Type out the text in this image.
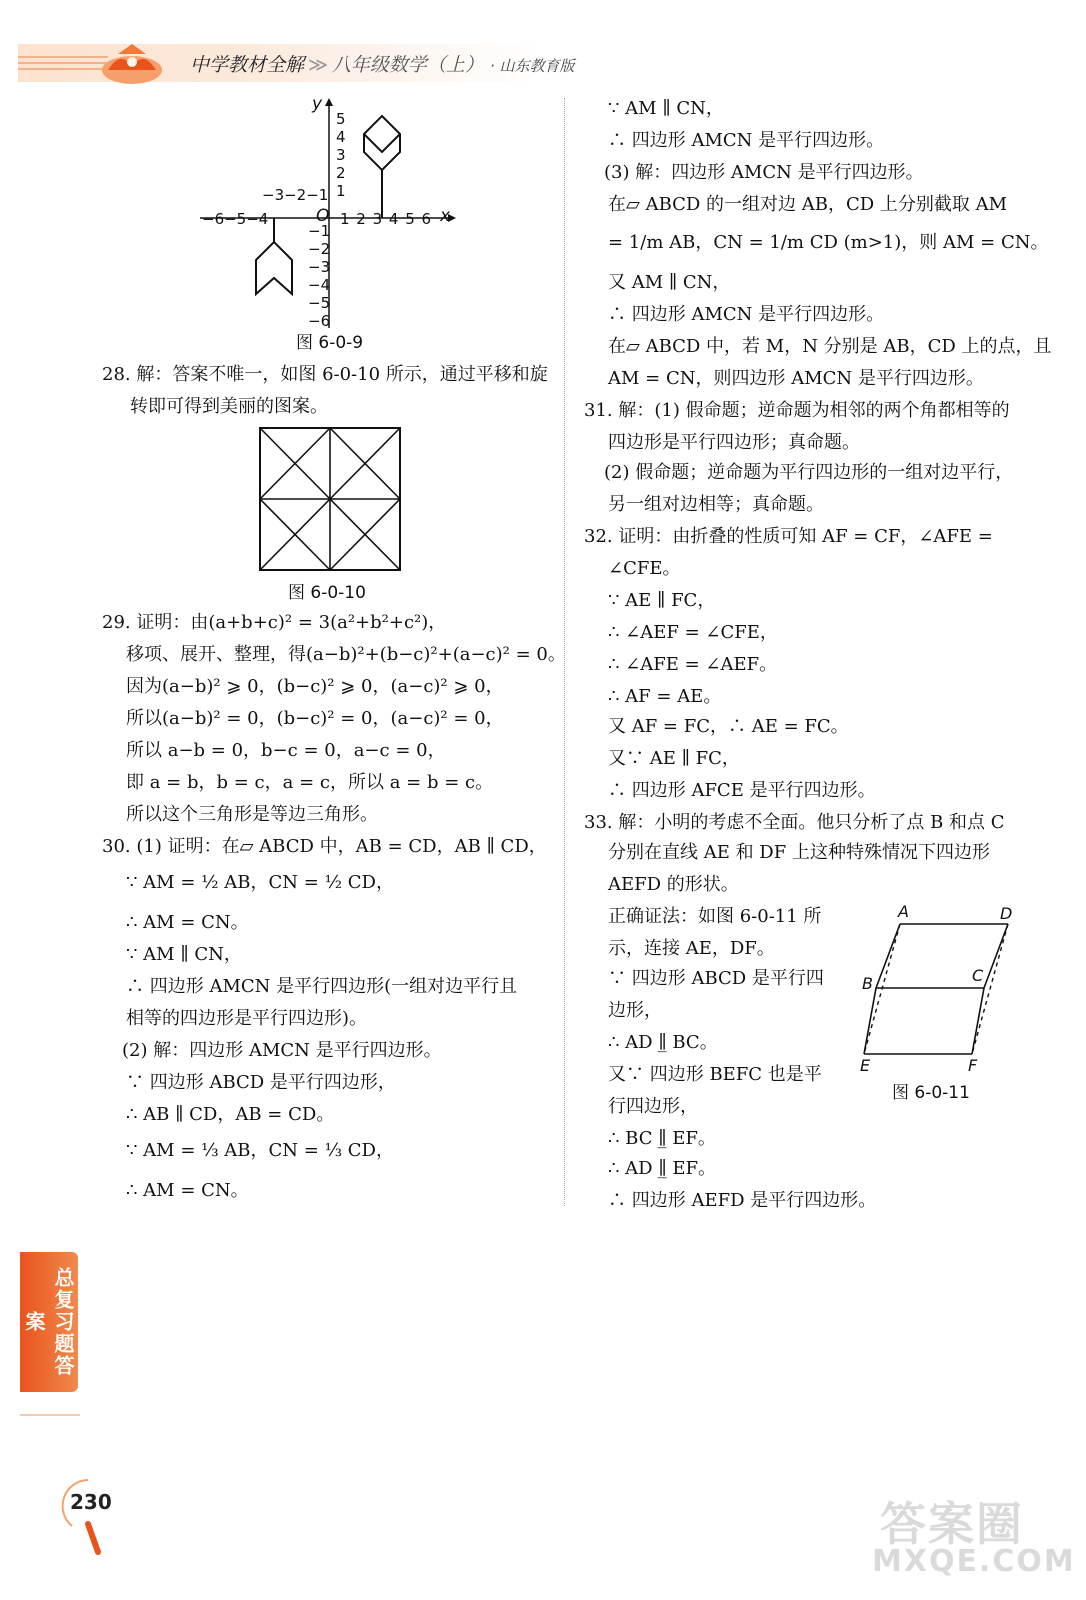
中学教材全解 ≫ 八年级数学（上） · 山东教育版
y
x
O 1 2 3 4 5 6
−6−5−4
−3−2−1
5
4
3
2
1
−1
−2
−3
−4
−5
−6
图 6-0-9
28. 解：答案不唯一，如图 6-0-10 所示，通过平移和旋
转即可得到美丽的图案。
图 6-0-10
29. 证明：由(a+b+c)² = 3(a²+b²+c²)，
移项、展开、整理，得(a−b)²+(b−c)²+(a−c)² = 0。
因为(a−b)² ⩾ 0，(b−c)² ⩾ 0，(a−c)² ⩾ 0，
所以(a−b)² = 0，(b−c)² = 0，(a−c)² = 0，
所以 a−b = 0，b−c = 0，a−c = 0，
即 a = b，b = c，a = c，所以 a = b = c。
所以这个三角形是等边三角形。
30. (1) 证明：在▱ ABCD 中，AB = CD，AB ∥ CD，
∵ AM = ½ AB，CN = ½ CD，
∴ AM = CN。
∵ AM ∥ CN，
∴ 四边形 AMCN 是平行四边形(一组对边平行且
相等的四边形是平行四边形)。
(2) 解：四边形 AMCN 是平行四边形。
∵ 四边形 ABCD 是平行四边形，
∴ AB ∥ CD，AB = CD。
∵ AM = ⅓ AB，CN = ⅓ CD，
∴ AM = CN。
∵ AM ∥ CN，
∴ 四边形 AMCN 是平行四边形。
(3) 解：四边形 AMCN 是平行四边形。
在▱ ABCD 的一组对边 AB，CD 上分别截取 AM
= 1/m AB，CN = 1/m CD (m>1)，则 AM = CN。
又 AM ∥ CN，
∴ 四边形 AMCN 是平行四边形。
在▱ ABCD 中，若 M，N 分别是 AB，CD 上的点，且
AM = CN，则四边形 AMCN 是平行四边形。
31. 解：(1) 假命题；逆命题为相邻的两个角都相等的
四边形是平行四边形；真命题。
(2) 假命题；逆命题为平行四边形的一组对边平行，
另一组对边相等；真命题。
32. 证明：由折叠的性质可知 AF = CF，∠AFE =
∠CFE。
∵ AE ∥ FC，
∴ ∠AEF = ∠CFE，
∴ ∠AFE = ∠AEF。
∴ AF = AE。
又 AF = FC，∴ AE = FC。
又∵ AE ∥ FC，
∴ 四边形 AFCE 是平行四边形。
33. 解：小明的考虑不全面。他只分析了点 B 和点 C
分别在直线 AE 和 DF 上这种特殊情况下四边形
AEFD 的形状。
正确证法：如图 6-0-11 所
示，连接 AE，DF。
∵ 四边形 ABCD 是平行四
边形，
∴ AD ∥̲ BC。
又∵ 四边形 BEFC 也是平
行四边形，
∴ BC ∥̲ EF。
∴ AD ∥̲ EF。
∴ 四边形 AEFD 是平行四边形。
A	D
B	C
E	F
图 6-0-11
总复习题答案
230	答案圈
MXQE.COM
